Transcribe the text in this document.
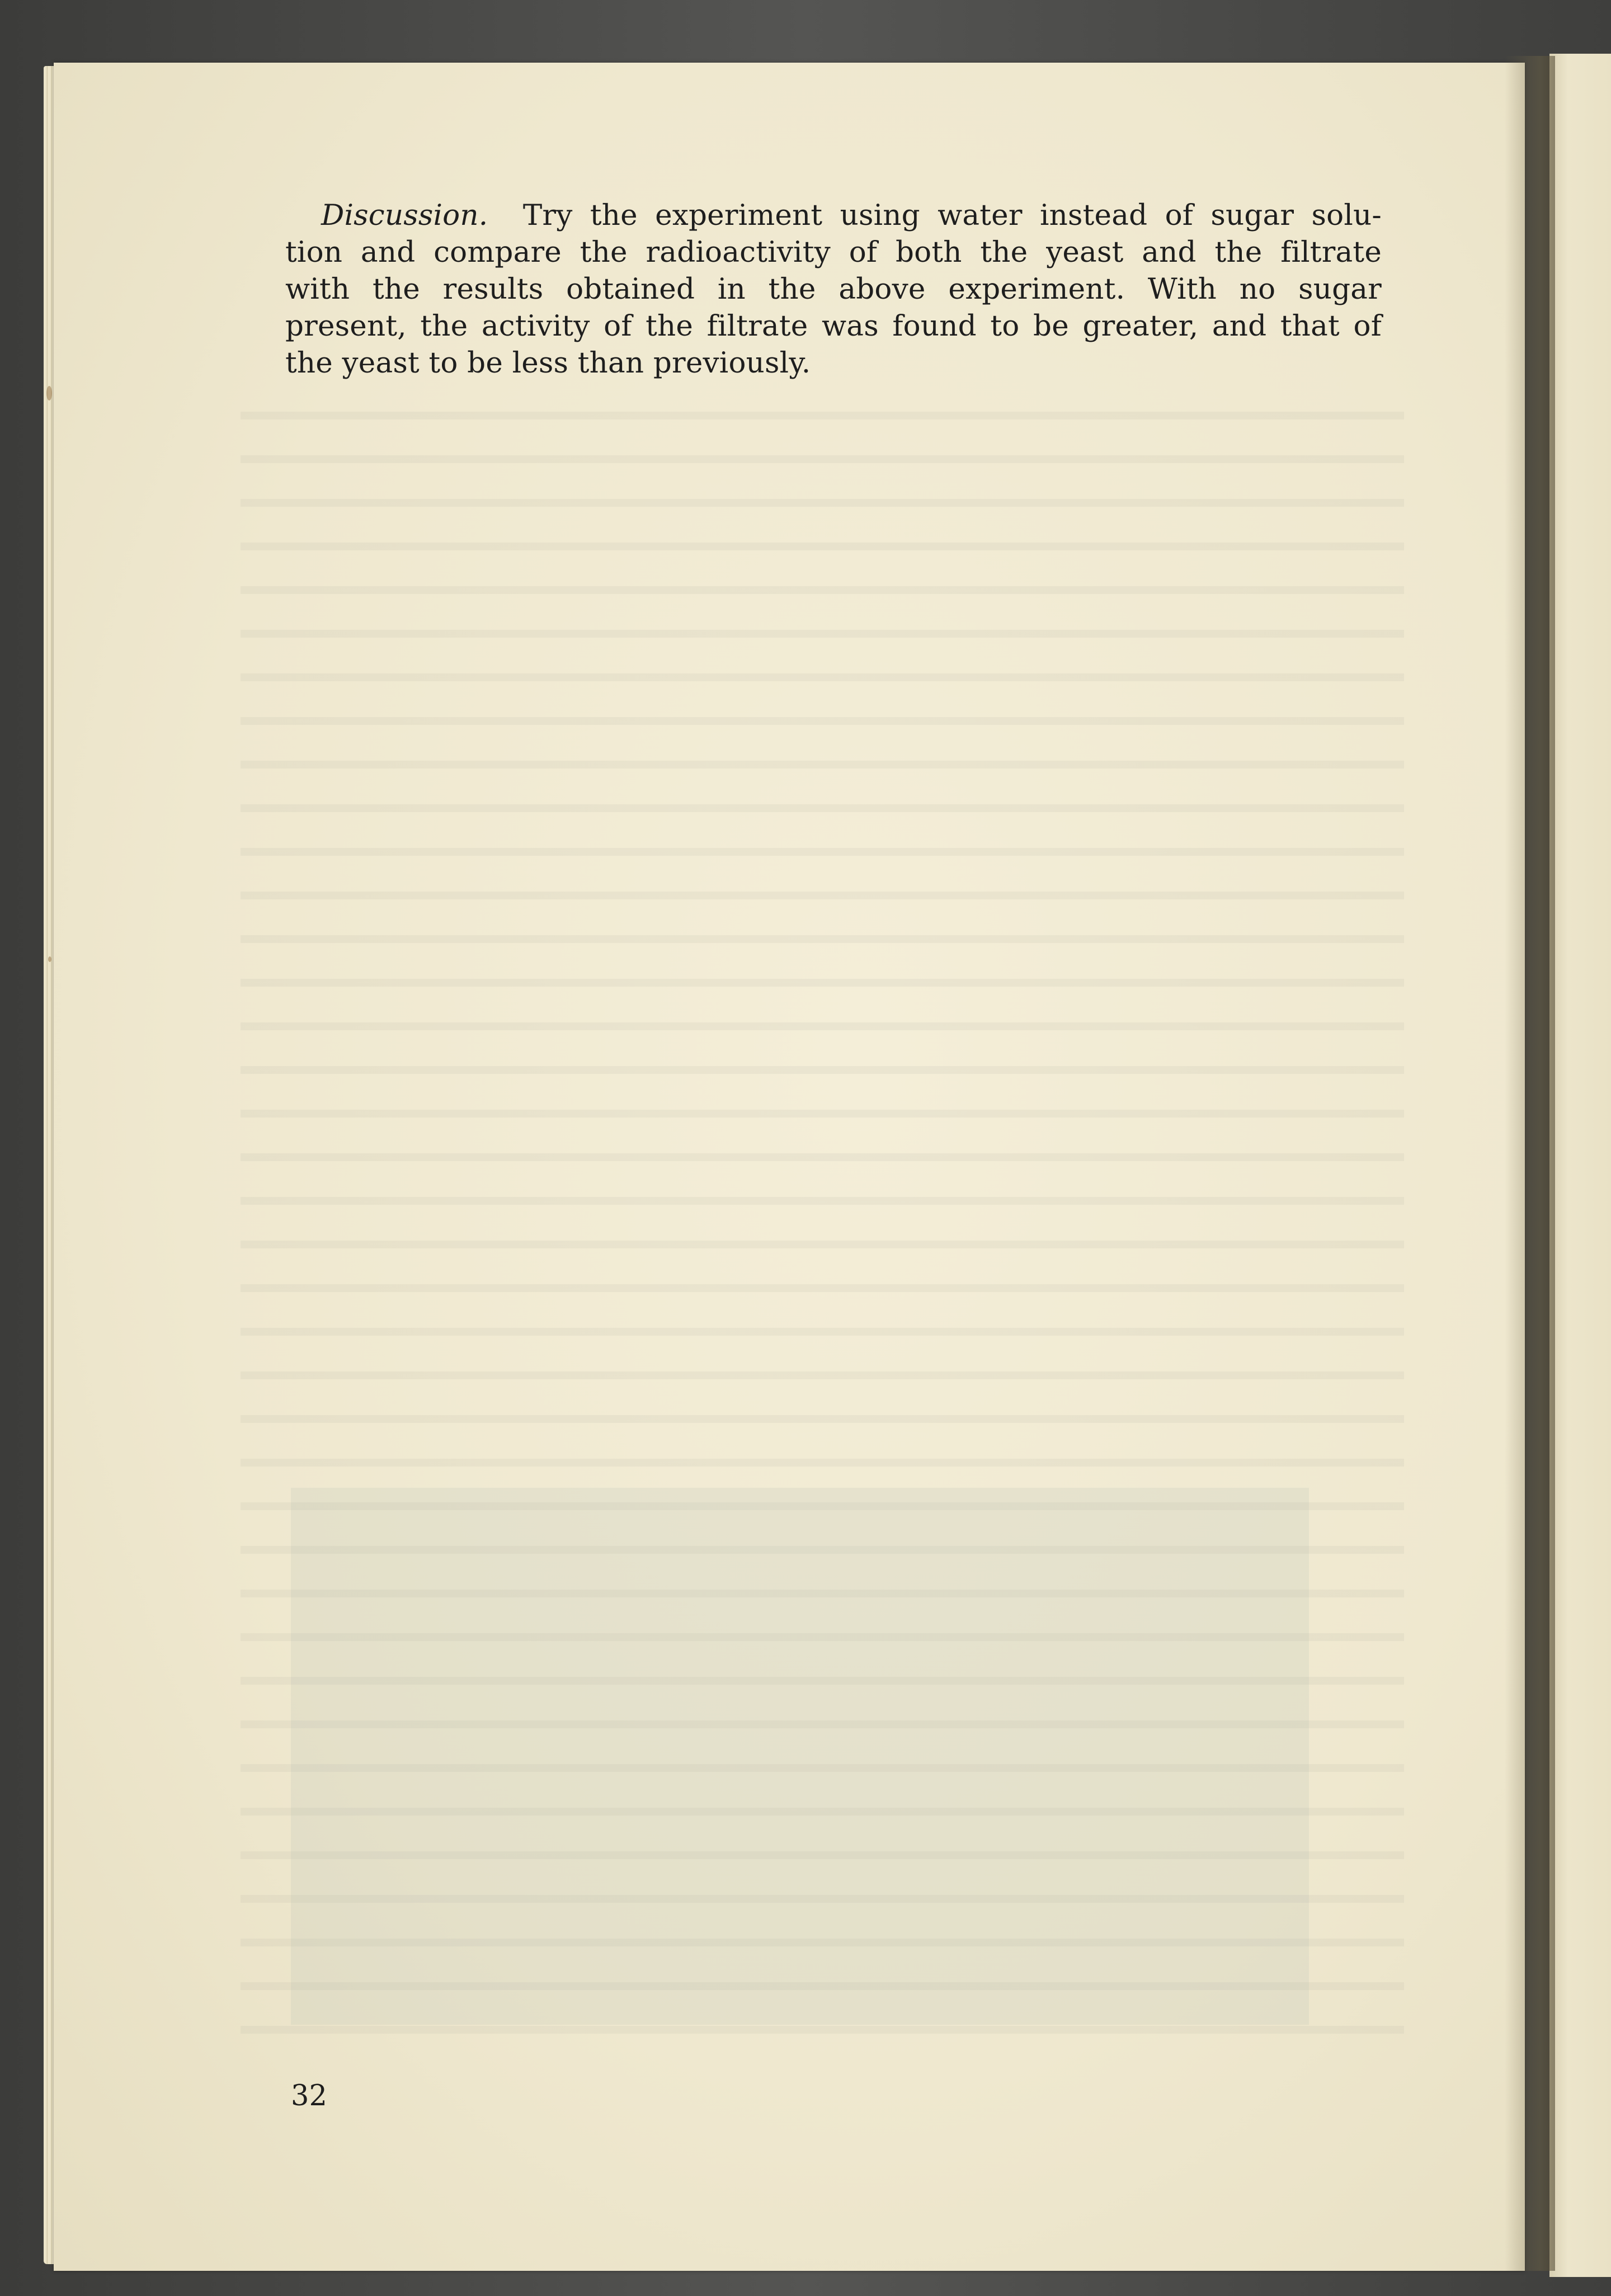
Discussion. Try the experiment using water instead of sugar solu-
tion and compare the radioactivity of both the yeast and the filtrate
with the results obtained in the above experiment. With no sugar
present, the activity of the filtrate was found to be greater, and that of
the yeast to be less than previously.
32
